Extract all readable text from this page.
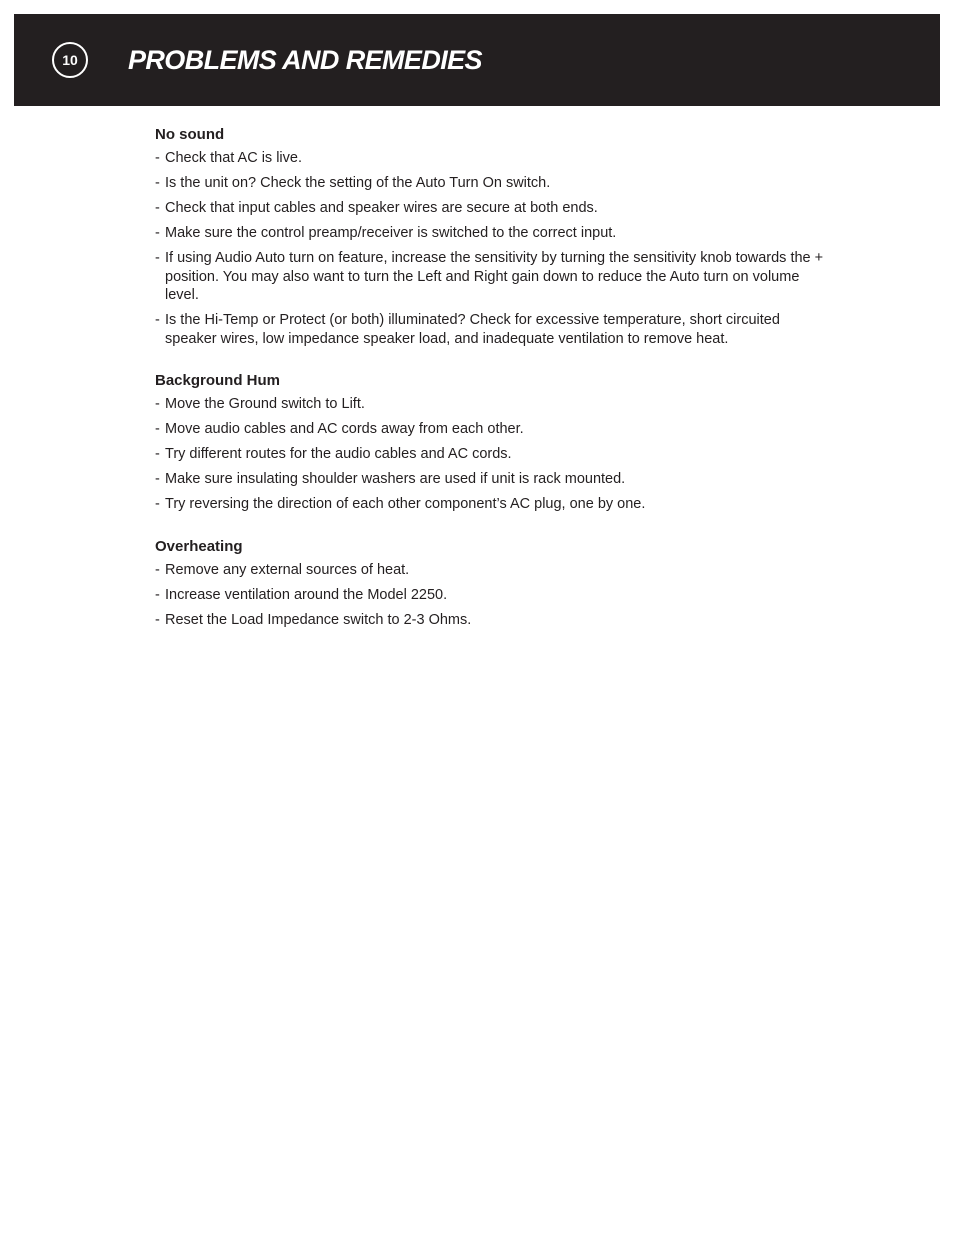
10	PROBLEMS AND REMEDIES
No sound
- Check that AC is live.
- Is the unit on? Check the setting of the Auto Turn On switch.
- Check that input cables and speaker wires are secure at both ends.
- Make sure the control preamp/receiver is switched to the correct input.
- If using Audio Auto turn on feature, increase the sensitivity by turning the sensitivity knob towards the + position. You may also want to turn the Left and Right gain down to reduce the Auto turn on volume level.
- Is the Hi-Temp or Protect (or both) illuminated? Check for excessive temperature, short circuited speaker wires, low impedance speaker load, and inadequate ventilation to remove heat.
Background Hum
- Move the Ground switch to Lift.
- Move audio cables and AC cords away from each other.
- Try different routes for the audio cables and AC cords.
- Make sure insulating shoulder washers are used if unit is rack mounted.
- Try reversing the direction of each other component’s AC plug, one by one.
Overheating
- Remove any external sources of heat.
- Increase ventilation around the Model 2250.
- Reset the Load Impedance switch to 2-3 Ohms.
